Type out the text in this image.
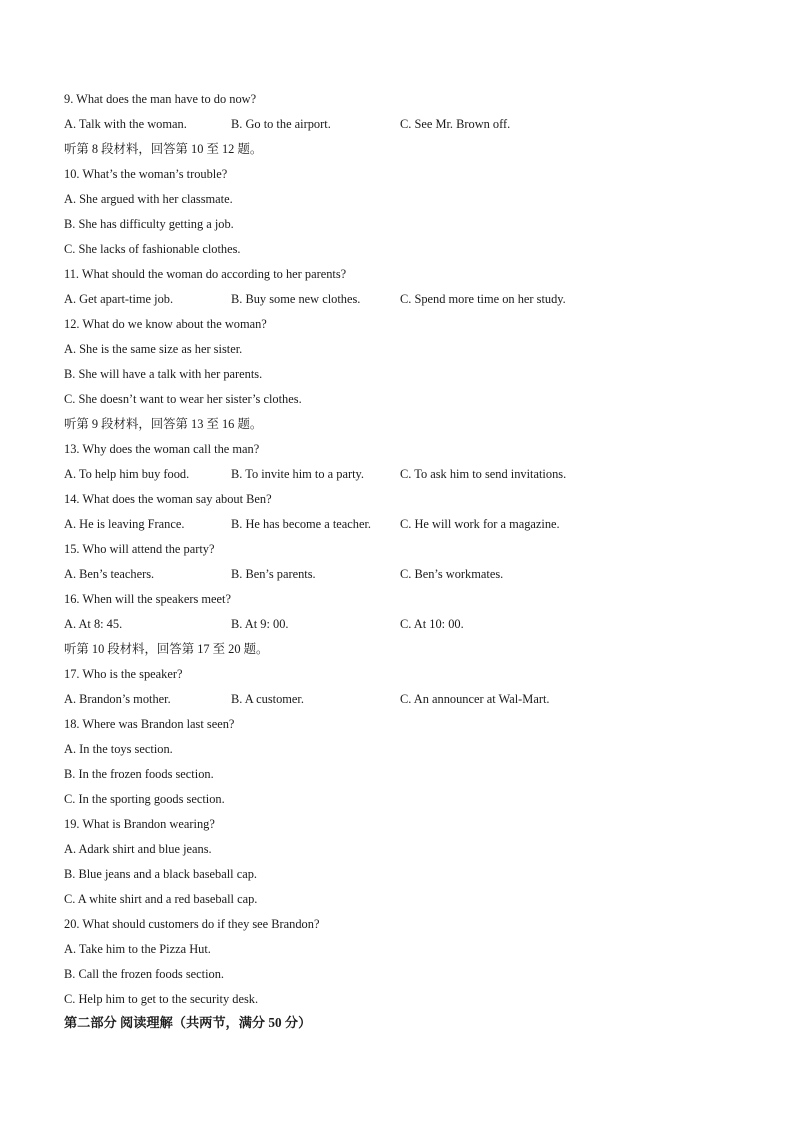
9. What does the man have to do now?
A. Talk with the woman.	B. Go to the airport.	C. See Mr. Brown off.
听第 8 段材料，回答第 10 至 12 题。
10. What’s the woman’s trouble?
A. She argued with her classmate.
B. She has difficulty getting a job.
C. She lacks of fashionable clothes.
11. What should the woman do according to her parents?
A. Get apart-time job.	B. Buy some new clothes.	C. Spend more time on her study.
12. What do we know about the woman?
A. She is the same size as her sister.
B. She will have a talk with her parents.
C. She doesn’t want to wear her sister’s clothes.
听第 9 段材料，回答第 13 至 16 题。
13. Why does the woman call the man?
A. To help him buy food.	B. To invite him to a party.	C. To ask him to send invitations.
14. What does the woman say about Ben?
A. He is leaving France.	B. He has become a teacher. C. He will work for a magazine.
15. Who will attend the party?
A. Ben’s teachers.	B. Ben’s parents.	C. Ben’s workmates.
16. When will the speakers meet?
A. At 8: 45.	B. At 9: 00.	C. At 10: 00.
听第 10 段材料，回答第 17 至 20 题。
17. Who is the speaker?
A. Brandon’s mother.	B. A customer.	C. An announcer at Wal-Mart.
18. Where was Brandon last seen?
A. In the toys section.
B. In the frozen foods section.
C. In the sporting goods section.
19. What is Brandon wearing?
A. Adark shirt and blue jeans.
B. Blue jeans and a black baseball cap.
C. A white shirt and a red baseball cap.
20. What should customers do if they see Brandon?
A. Take him to the Pizza Hut.
B. Call the frozen foods section.
C. Help him to get to the security desk.
第二部分 阅读理解（共两节，满分 50 分）
